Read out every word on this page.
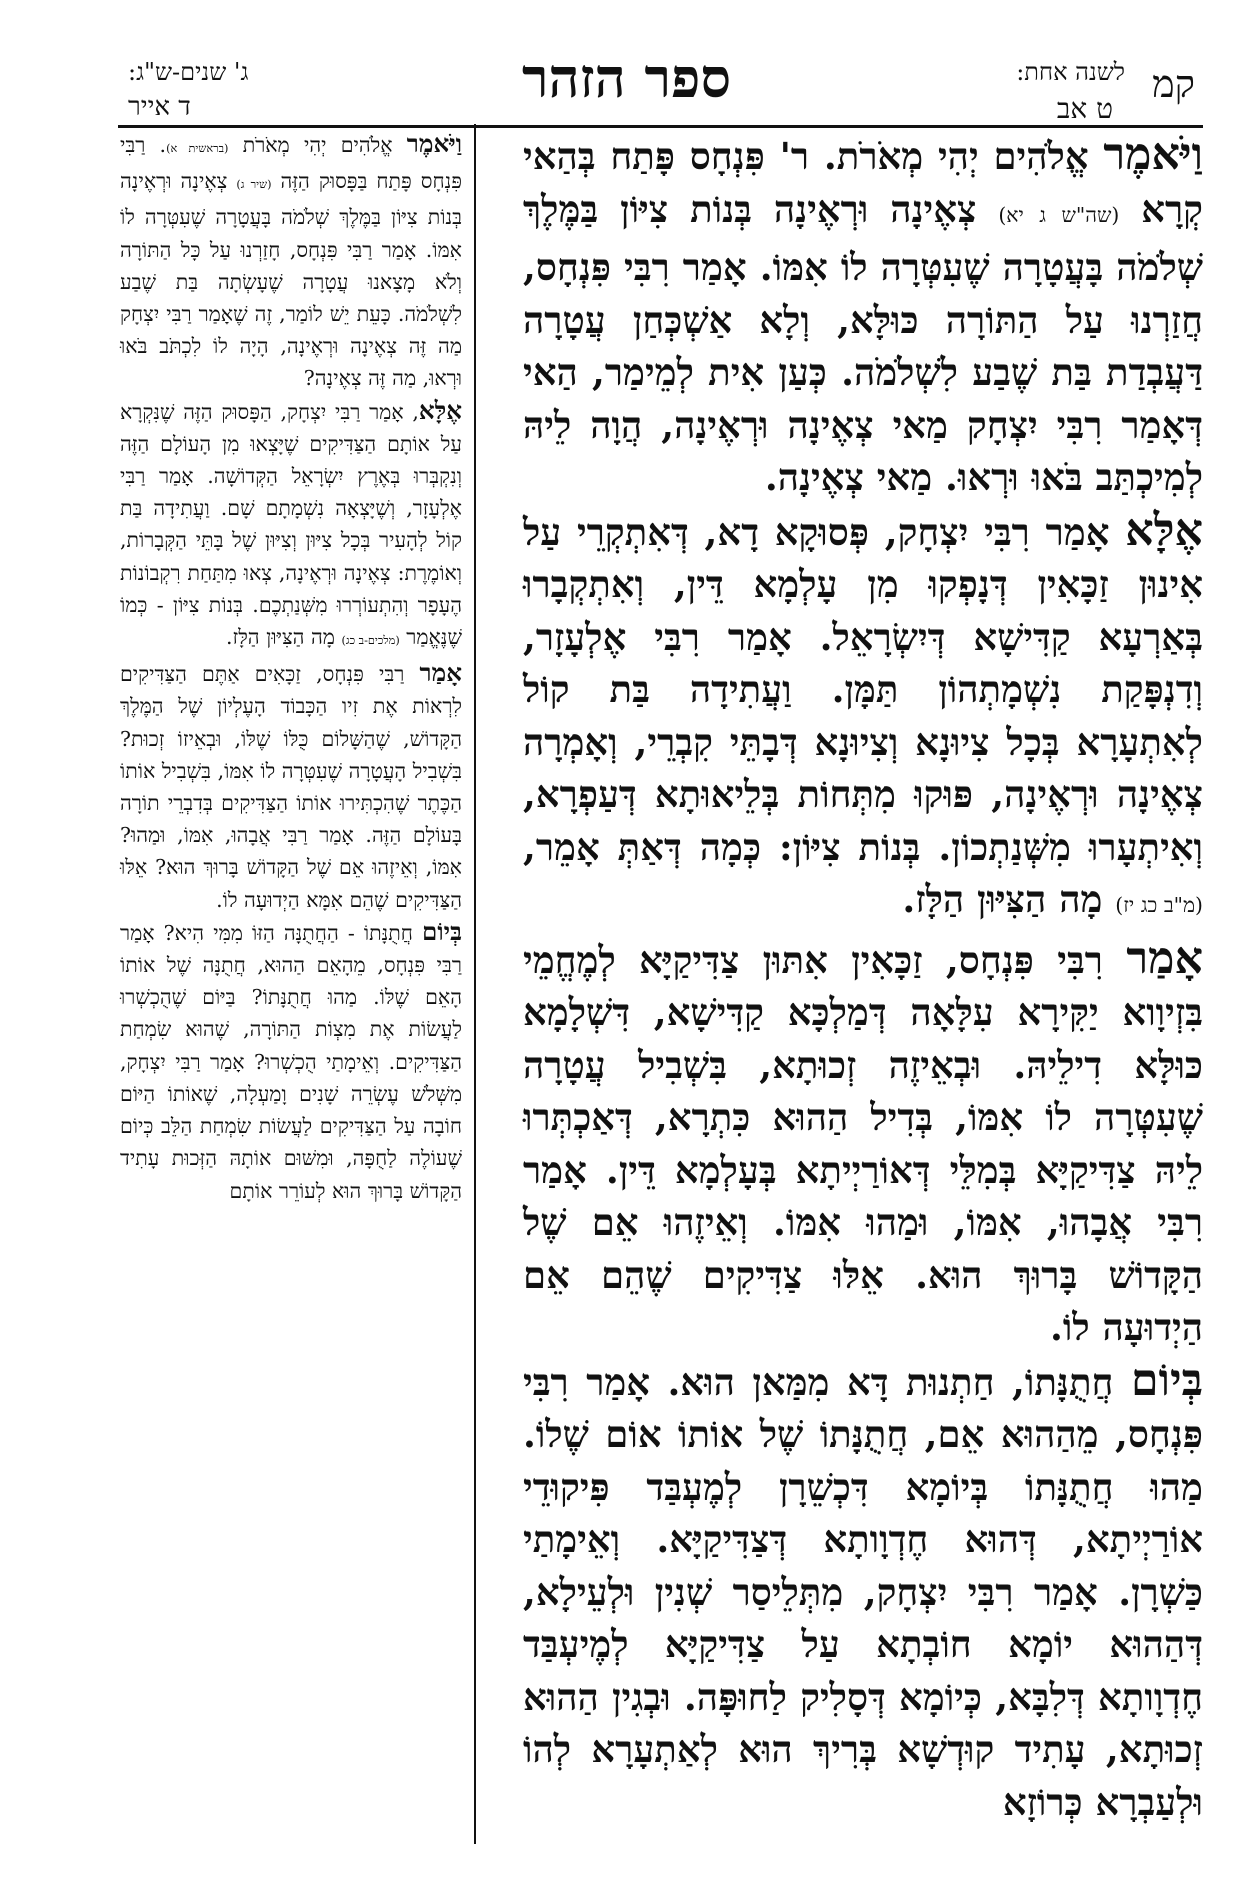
קמ
לשנה אחת:
ט אב
ספר הזהר
ג' שנים-ש"ג:
ד אייר

וַיֹּאמֶר אֱלֹהִים יְהִי מְאֹרֹת. ר' פִּנְחָס פָּתַח בְּהַאי קְרָא (שה"ש ג יא) צְאֶינָה וּרְאֶינָה בְּנוֹת צִיּוֹן בַּמֶּלֶךְ שְׁלֹמֹה בָּעֲטָרָה שֶׁעִטְּרָה לוֹ אִמּוֹ. אָמַר רִבִּי פִּנְחָס, חֲזַרְנוּ עַל הַתּוֹרָה כּוּלָּא, וְלָא אַשְׁכְּחַן עֲטָרָה דַּעֲבְדַת בַּת שֶׁבַע לִשְׁלֹמֹה. כְּעַן אִית לְמֵימַר, הַאי דְּאָמַר רִבִּי יִצְחָק מַאי צְאֶינָה וּרְאֶינָה, הֲוָה לֵיהּ לְמִיכְתַּב בֹּאוּ וּרְאוּ. מַאי צְאֶינָה.

אֶלָּא אָמַר רִבִּי יִצְחָק, פְּסוּקָא דָא, דְּאִתְקְרֵי עַל אִינוּן זַכָּאִין דְּנָפְקוּ מִן עָלְמָא דֵּין, וְאִתְקְבָרוּ בְּאַרְעָא קַדִּישָׁא דְּיִשְׂרָאֵל. אָמַר רִבִּי אֶלְעָזָר, וְדִנְפָּקַת נִשְׁמָתְהוֹן תַּמָּן. וַעֲתִידָה בַּת קוֹל לְאִתְעָרָא בְּכָל צִיוּנָא וְצִיוּנָא דְּבָתֵּי קִבְרֵי, וְאָמְרָה צְאֶינָה וּרְאֶינָה, פּוּקוּ מִתְּחוֹת בְּלֵיאוּתָא דְּעַפְרָא, וְאִיתְעָרוּ מִשְּׁנַתְכוֹן. בְּנוֹת צִיּוֹן: כְּמָה דְּאַתְּ אָמֵר, (מ"ב כג יז) מָה הַצִּיּוּן הַלָּז.

אָמַר רִבִּי פִּנְחָס, זַכָּאִין אִתּוּן צַדִּיקַיָּא לְמֶחֱמֵי בִּזְיוָוא יַקִּירָא עִלָּאָה דְּמַלְכָּא קַדִּישָׁא, דִּשְׁלָמָא כּוּלָּא דִילֵיהּ. וּבְאֵיזֶה זְכוּתָא, בִּשְׁבִיל עֲטָרָה שֶׁעִטְּרָה לוֹ אִמּוֹ, בְּדִיל הַהוּא כִּתְרָא, דְּאַכְתְּרוּ לֵיהּ צַדִּיקַיָּא בְּמִלֵּי דְּאוֹרַיְיתָא בְּעָלְמָא דֵּין. אָמַר רִבִּי אֲבָהוּ, אִמּוֹ, וּמַהוּ אִמּוֹ. וְאֵיזֶהוּ אֵם שֶׁל הַקָּדוֹשׁ בָּרוּךְ הוּא. אֵלּוּ צַדִּיקִים שֶׁהֵם אֵם הַיְדוּעָה לוֹ.

בְּיוֹם חֲתֻנָּתוֹ, חַתְנוּת דָּא מִמַּאן הוּא. אָמַר רִבִּי פִּנְחָס, מֵהַהוּא אֵם, חֲתֻנָּתוֹ שֶׁל אוֹתוֹ אוֹם שֶׁלוֹ. מַהוּ חֲתֻנָּתוֹ בְּיוֹמָא דִּכְשֵׁרָן לְמֶעְבַּד פִּיקוּדֵי אוֹרַיְיתָא, דְּהוּא חֶדְוָותָא דְּצַדִּיקַיָּא. וְאֵימָתַי כַּשְׁרָן. אָמַר רִבִּי יִצְחָק, מִתְּלֵיסַר שְׁנִין וּלְעֵילָא, דְּהַהוּא יוֹמָא חוֹבְתָא עַל צַדִּיקַיָּא לְמֶיעְבַּד חֶדְוָותָא דְּלִבָּא, כְּיוֹמָא דְּסָלִיק לַחוּפָּה. וּבְגִין הַהוּא זְכוּתָא, עָתִיד קוּדְשָׁא בְּרִיךְ הוּא לְאַתְעָרָא לְהוֹ וּלְעַבְרָא כְּרוֹזָא

וַיֹּאמֶר אֱלֹהִים יְהִי מְאֹרֹת (בראשית א). רַבִּי פִּנְחָס פָּתַח בַּפָּסוּק הַזֶּה (שיר ג) צְאֶינָה וּרְאֶינָה בְּנוֹת צִיּוֹן בַּמֶּלֶךְ שְׁלֹמֹה בָּעֲטָרָה שֶׁעִטְּרָה לוֹ אִמּוֹ. אָמַר רַבִּי פִּנְחָס, חָזַרְנוּ עַל כָּל הַתּוֹרָה וְלֹא מָצָאנוּ עֲטָרָה שֶׁעָשְׂתָה בַּת שֶׁבַע לִשְׁלֹמֹה. כָּעֵת יֵשׁ לוֹמַר, זֶה שֶׁאָמַר רַבִּי יִצְחָק מַה זֶּה צְאֶינָה וּרְאֶינָה, הָיָה לוֹ לִכְתֹּב בֹּאוּ וּרְאוּ, מַה זֶּה צְאֶינָה?

אֶלָּא, אָמַר רַבִּי יִצְחָק, הַפָּסוּק הַזֶּה שֶׁנִּקְרָא עַל אוֹתָם הַצַּדִּיקִים שֶׁיָּצְאוּ מִן הָעוֹלָם הַזֶּה וְנִקְבְּרוּ בְּאֶרֶץ יִשְׂרָאֵל הַקְּדוֹשָׁה. אָמַר רַבִּי אֶלְעָזָר, וְשֶׁיָּצְאָה נִשְׁמָתָם שָׁם. וַעֲתִידָה בַּת קוֹל לְהָעִיר בְּכָל צִיּוּן וְצִיּוּן שֶׁל בָּתֵּי הַקְּבָרוֹת, וְאוֹמֶרֶת: צְאֶינָה וּרְאֶינָה, צְאוּ מִתַּחַת רִקְבוֹנוֹת הֶעָפָר וְהִתְעוֹרְרוּ מִשְּׁנַתְכֶם. בְּנוֹת צִיּוֹן - כְּמוֹ שֶׁנֶּאֱמַר (מלכים-ב כג) מָה הַצִּיּוּן הַלָּז.

אָמַר רַבִּי פִּנְחָס, זַכָּאִים אַתֶּם הַצַּדִּיקִים לִרְאוֹת אֶת זִיו הַכָּבוֹד הָעֶלְיוֹן שֶׁל הַמֶּלֶךְ הַקָּדוֹשׁ, שֶׁהַשָּׁלוֹם כֻּלּוֹ שֶׁלּוֹ, וּבְאֵיזוֹ זְכוּת? בִּשְׁבִיל הָעֲטָרָה שֶׁעִטְּרָה לוֹ אִמּוֹ, בִּשְׁבִיל אוֹתוֹ הַכֶּתֶר שֶׁהִכְתִּירוּ אוֹתוֹ הַצַּדִּיקִים בְּדִבְרֵי תוֹרָה בָּעוֹלָם הַזֶּה. אָמַר רַבִּי אֲבָהוּ, אִמּוֹ, וּמַהוּ? אִמּוֹ, וְאֵיזֶהוּ אֵם שֶׁל הַקָּדוֹשׁ בָּרוּךְ הוּא? אֵלּוּ הַצַּדִּיקִים שֶׁהֵם אִמָּא הַיְדוּעָה לוֹ.

בְּיוֹם חֲתֻנָּתוֹ - הַחֲתֻנָּה הַזּוֹ מִמִּי הִיא? אָמַר רַבִּי פִּנְחָס, מֵהָאֵם הַהוּא, חֲתֻנָּה שֶׁל אוֹתוֹ הָאֵם שֶׁלּוֹ. מַהוּ חֲתֻנָּתוֹ? בַּיּוֹם שֶׁהֻכְשְׁרוּ לַעֲשׂוֹת אֶת מִצְוֹת הַתּוֹרָה, שֶׁהוּא שִׂמְחַת הַצַּדִּיקִים. וְאֵימָתַי הֻכְשְׁרוּ? אָמַר רַבִּי יִצְחָק, מִשְּׁלֹשׁ עֶשְׂרֵה שָׁנִים וָמַעְלָה, שֶׁאוֹתוֹ הַיּוֹם חוֹבָה עַל הַצַּדִּיקִים לַעֲשׂוֹת שִׂמְחַת הַלֵּב כְּיוֹם שֶׁעוֹלֶה לַחֻפָּה, וּמִשּׁוּם אוֹתָהּ הַזְּכוּת עָתִיד הַקָּדוֹשׁ בָּרוּךְ הוּא לְעוֹרֵר אוֹתָם
